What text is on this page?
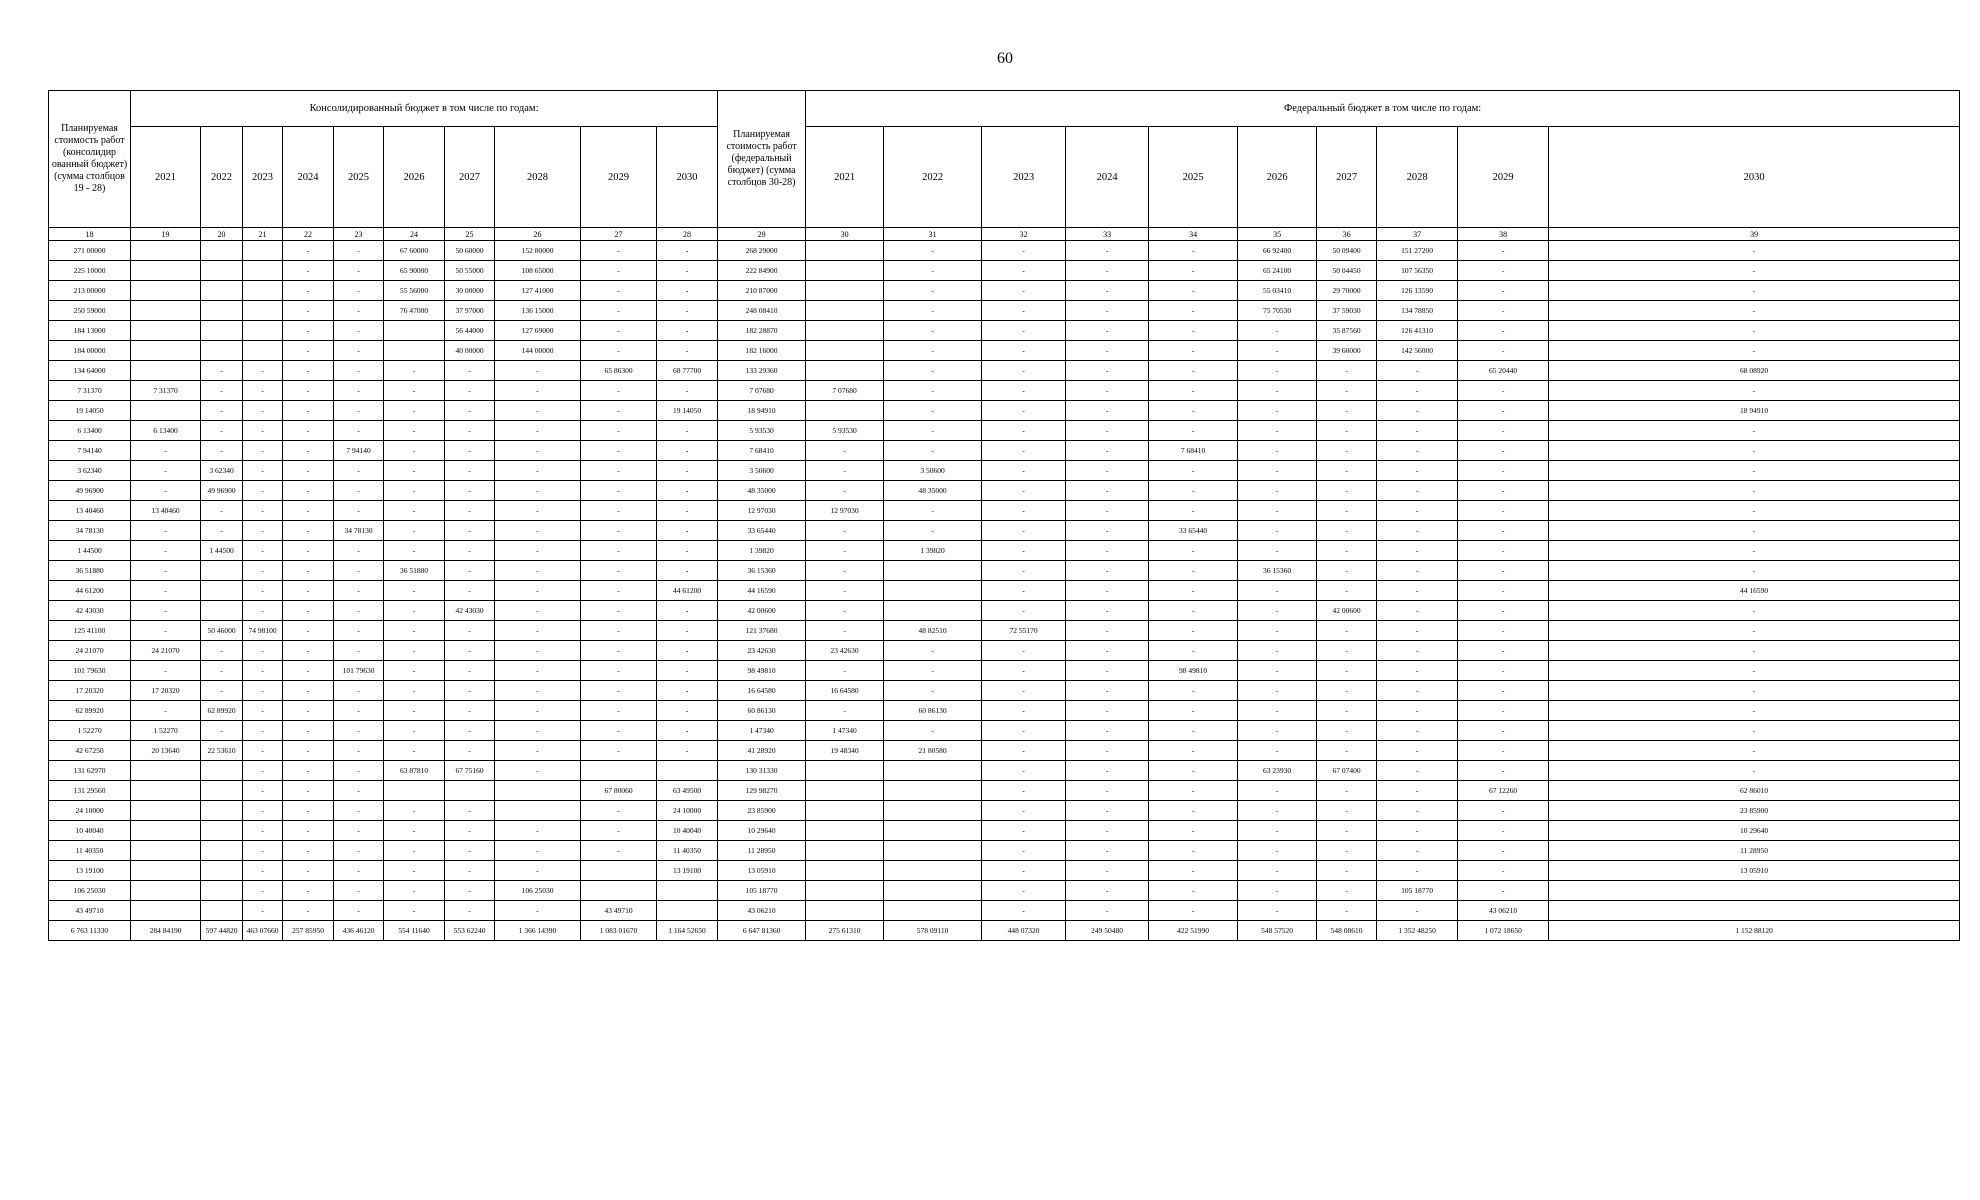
60
Планируемая стоимость работ (консолидир ованный бюджет) (сумма столбцов 19 - 28)	Консолидированный бюджет в том числе по годам:										Планируемая стоимость работ (федеральный бюджет) (сумма столбцов 30-28)	Федеральный бюджет в том числе по годам:									
	2021	2022	2023	2024	2025	2026	2027	2028	2029	2030		2021	2022	2023	2024	2025	2026	2027	2028	2029	2030
18	19	20	21	22	23	24	25	26	27	28	29	30	31	32	33	34	35	36	37	38	39
271 00000				-	-	67 60000	50 60000	152 80000	-	-	268 29000		-	-	-	-	66 92400	50 09400	151 27200	-	-
225 10000				-	-	65 90000	50 55000	108 65000	-	-	222 84900		-	-	-	-	65 24100	50 04450	107 56350	-	-
213 00000				-	-	55 56000	30 00000	127 41000	-	-	210 87000		-	-	-	-	55 03410	29 70000	126 13590	-	-
250 59000				-	-	76 47000	37 97000	136 15000	-	-	248 08410		-	-	-	-	75 70530	37 59030	134 78850	-	-
184 13000				-	-		56 44000	127 69000	-	-	182 28870		-	-	-	-	-	35 87560	126 41310	-	-
184 00000				-	-		40 00000	144 00000	-	-	182 16000		-	-	-	-	-	39 60000	142 56000	-	-
134 64000		-	-	-	-	-	-	-	65 86300	68 77700	133 29360		-	-	-	-	-	-	-	65 20440	68 08920
7 31370	7 31370	-	-	-	-	-	-	-	-	-	7 07680	7 07680	-	-	-	-	-	-	-	-	-
19 14050		-	-	-	-	-	-	-	-	19 14050	18 94910		-	-	-	-	-	-	-	-	18 94910
6 13400	6 13400	-	-	-	-	-	-	-	-	-	5 93530	5 93530	-	-	-	-	-	-	-	-	-
7 94140	-	-	-	-	7 94140	-	-	-	-	-	7 68410	-	-	-	-	7 68410	-	-	-	-	-
3 62340	-	3 62340	-	-	-	-	-	-	-	-	3 50600	-	3 50600	-	-	-	-	-	-	-	-
49 96900	-	49 96900	-	-	-	-	-	-	-	-	48 35000	-	48 35000	-	-	-	-	-	-	-	-
13 40460	13 40460	-	-	-	-	-	-	-	-	-	12 97030	12 97030	-	-	-	-	-	-	-	-	-
34 78130	-	-	-	-	34 78130	-	-	-	-	-	33 65440	-	-	-	-	33 65440	-	-	-	-	-
1 44500	-	1 44500	-	-	-	-	-	-	-	-	1 39820	-	1 39820	-	-	-	-	-	-	-	-
36 51880	-		-	-	-	36 51880	-	-	-	-	36 15360	-		-	-	-	36 15360	-	-	-	-
44 61200	-		-	-	-	-	-	-	-	44 61200	44 16590	-		-	-	-	-	-	-	-	44 16590
42 43030	-		-	-	-	-	42 43030	-	-	-	42 00600	-		-	-	-	-	42 00600	-	-	-
125 41100	-	50 46000	74 98100	-	-	-	-	-	-	-	121 37680	-	48 82510	72 55170	-	-	-	-	-	-	-
24 21070	24 21070	-	-	-	-	-	-	-	-	-	23 42630	23 42630	-	-	-	-	-	-	-	-	-
101 79630	-	-	-	-	101 79630	-	-	-	-	-	98 49810	-	-	-	-	98 49810	-	-	-	-	-
17 20320	17 20320	-	-	-	-	-	-	-	-	-	16 64580	16 64580	-	-	-	-	-	-	-	-	-
62 89920	-	62 89920	-	-	-	-	-	-	-	-	60 86130	-	60 86130	-	-	-	-	-	-	-	-
1 52270	1 52270	-	-	-	-	-	-	-	-	-	1 47340	1 47340	-	-	-	-	-	-	-	-	-
42 67250	20 13640	22 53610	-	-	-	-	-	-	-	-	41 28920	19 48340	21 80580	-	-	-	-	-	-	-	-
131 62970			-	-	-	63 87810	67 75160	-			130 31330			-	-	-	63 23930	67 07400	-	-	-
131 29560			-	-	-				67 80060	63 49500	129 98270			-	-	-	-	-	-	67 12260	62 86010
24 10000			-	-	-	-	-		-	24 10000	23 85900			-	-	-	-	-	-	-	23 85900
10 40040			-	-	-	-	-	-	-	10 40040	10 29640			-	-	-	-	-	-	-	10 29640
11 40350			-	-	-	-	-	-	-	11 40350	11 28950			-	-	-	-	-	-	-	11 28950
13 19100			-	-	-	-	-	-		13 19100	13 05910			-	-	-	-	-	-	-	13 05910
106 25030			-	-	-	-	-	106 25030			105 18770			-	-	-	-	-	105 18770	-	
43 49710			-	-	-	-	-	-	43 49710		43 06210			-	-	-	-	-	-	43 06210	
6 763 11330	284 84190	597 44820	463 07660	257 85950	436 46120	554 11640	553 62240	1 366 14390	1 083 01670	1 164 52650	6 647 81360	275 61310	578 09110	448 07320	249 50480	422 51990	548 57520	548 08610	1 352 48250	1 072 18650	1 152 88120
